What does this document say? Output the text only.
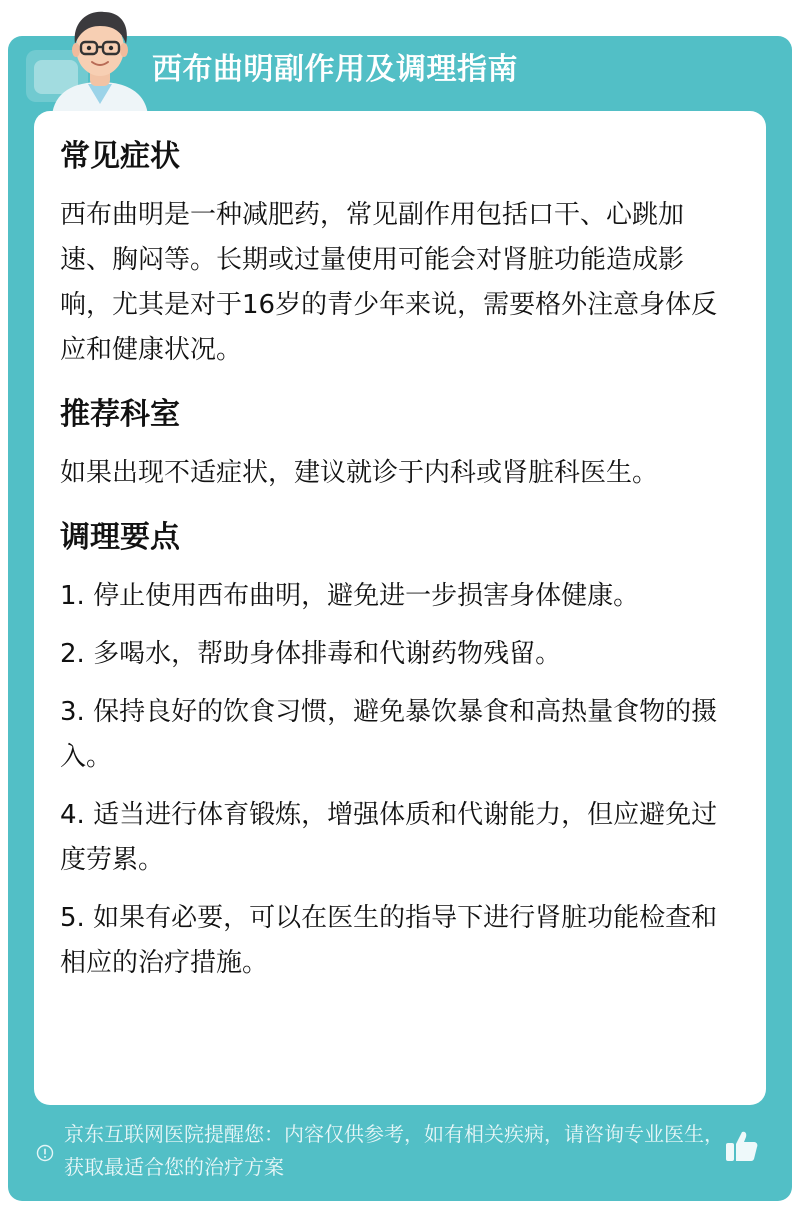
西布曲明副作用及调理指南
常见症状
西布曲明是一种减肥药，常见副作用包括口干、心跳加速、胸闷等。长期或过量使用可能会对肾脏功能造成影响，尤其是对于16岁的青少年来说，需要格外注意身体反应和健康状况。
推荐科室
如果出现不适症状，建议就诊于内科或肾脏科医生。
调理要点
1. 停止使用西布曲明，避免进一步损害身体健康。
2. 多喝水，帮助身体排毒和代谢药物残留。
3. 保持良好的饮食习惯，避免暴饮暴食和高热量食物的摄入。
4. 适当进行体育锻炼，增强体质和代谢能力，但应避免过度劳累。
5. 如果有必要，可以在医生的指导下进行肾脏功能检查和相应的治疗措施。
京东互联网医院提醒您：内容仅供参考，如有相关疾病，请咨询专业医生，获取最适合您的治疗方案
